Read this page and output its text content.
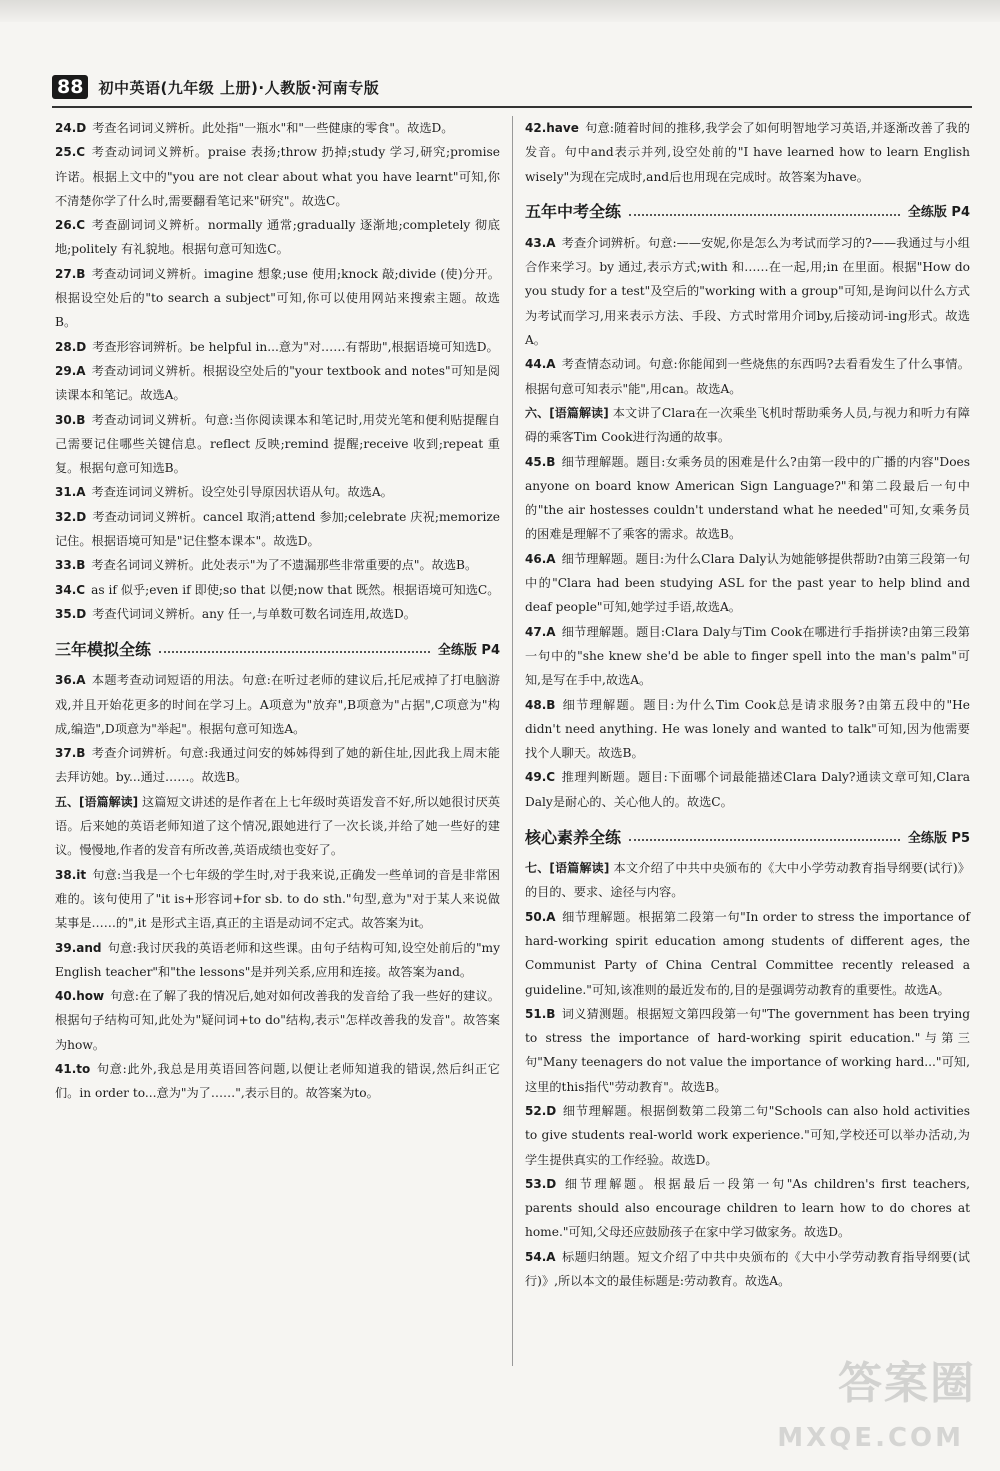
88	初中英语(九年级 上册)·人教版·河南专版

24.D 考查名词词义辨析。此处指"一瓶水"和"一些健康的零食"。故选D。

25.C 考查动词词义辨析。praise 表扬;throw 扔掉;study 学习,研究;promise 许诺。根据上文中的"you are not clear about what you have learnt"可知,你不清楚你学了什么时,需要翻看笔记来"研究"。故选C。

26.C 考查副词词义辨析。normally 通常;gradually 逐渐地;completely 彻底地;politely 有礼貌地。根据句意可知选C。

27.B 考查动词词义辨析。imagine 想象;use 使用;knock 敲;divide (使)分开。根据设空处后的"to search a subject"可知,你可以使用网站来搜索主题。故选B。

28.D 考查形容词辨析。be helpful in...意为"对……有帮助",根据语境可知选D。

29.A 考查动词词义辨析。根据设空处后的"your textbook and notes"可知是阅读课本和笔记。故选A。

30.B 考查动词词义辨析。句意:当你阅读课本和笔记时,用荧光笔和便利贴提醒自己需要记住哪些关键信息。reflect 反映;remind 提醒;receive 收到;repeat 重复。根据句意可知选B。

31.A 考查连词词义辨析。设空处引导原因状语从句。故选A。

32.D 考查动词词义辨析。cancel 取消;attend 参加;celebrate 庆祝;memorize 记住。根据语境可知是"记住整本课本"。故选D。

33.B 考查名词词义辨析。此处表示"为了不遗漏那些非常重要的点"。故选B。

34.C as if 似乎;even if 即使;so that 以便;now that 既然。根据语境可知选C。

35.D 考查代词词义辨析。any 任一,与单数可数名词连用,故选D。

三年模拟全练	全练版 P4

36.A 本题考查动词短语的用法。句意:在听过老师的建议后,托尼戒掉了打电脑游戏,并且开始花更多的时间在学习上。A项意为"放弃",B项意为"占据",C项意为"构成,编造",D项意为"举起"。根据句意可知选A。

37.B 考查介词辨析。句意:我通过问安的姊姊得到了她的新住址,因此我上周末能去拜访她。by...通过……。故选B。

五、[语篇解读] 这篇短文讲述的是作者在上七年级时英语发音不好,所以她很讨厌英语。后来她的英语老师知道了这个情况,跟她进行了一次长谈,并给了她一些好的建议。慢慢地,作者的发音有所改善,英语成绩也变好了。

38.it 句意:当我是一个七年级的学生时,对于我来说,正确发一些单词的音是非常困难的。该句使用了"it is+形容词+for sb. to do sth."句型,意为"对于某人来说做某事是……的",it 是形式主语,真正的主语是动词不定式。故答案为it。

39.and 句意:我讨厌我的英语老师和这些课。由句子结构可知,设空处前后的"my English teacher"和"the lessons"是并列关系,应用和连接。故答案为and。

40.how 句意:在了解了我的情况后,她对如何改善我的发音给了我一些好的建议。根据句子结构可知,此处为"疑问词+to do"结构,表示"怎样改善我的发音"。故答案为how。

41.to 句意:此外,我总是用英语回答问题,以便让老师知道我的错误,然后纠正它们。in order to...意为"为了……",表示目的。故答案为to。

42.have 句意:随着时间的推移,我学会了如何明智地学习英语,并逐渐改善了我的发音。句中and表示并列,设空处前的"I have learned how to learn English wisely"为现在完成时,and后也用现在完成时。故答案为have。

五年中考全练	全练版 P4

43.A 考查介词辨析。句意:——安妮,你是怎么为考试而学习的?——我通过与小组合作来学习。by 通过,表示方式;with 和……在一起,用;in 在里面。根据"How do you study for a test"及空后的"working with a group"可知,是询问以什么方式为考试而学习,用来表示方法、手段、方式时常用介词by,后接动词-ing形式。故选A。

44.A 考查情态动词。句意:你能闻到一些烧焦的东西吗?去看看发生了什么事情。根据句意可知表示"能",用can。故选A。

六、[语篇解读] 本文讲了Clara在一次乘坐飞机时帮助乘务人员,与视力和听力有障碍的乘客Tim Cook进行沟通的故事。

45.B 细节理解题。题目:女乘务员的困难是什么?由第一段中的广播的内容"Does anyone on board know American Sign Language?"和第二段最后一句中的"the air hostesses couldn't understand what he needed"可知,女乘务员的困难是理解不了乘客的需求。故选B。

46.A 细节理解题。题目:为什么Clara Daly认为她能够提供帮助?由第三段第一句中的"Clara had been studying ASL for the past year to help blind and deaf people"可知,她学过手语,故选A。

47.A 细节理解题。题目:Clara Daly与Tim Cook在哪进行手指拼读?由第三段第一句中的"she knew she'd be able to finger spell into the man's palm"可知,是写在手中,故选A。

48.B 细节理解题。题目:为什么Tim Cook总是请求服务?由第五段中的"He didn't need anything. He was lonely and wanted to talk"可知,因为他需要找个人聊天。故选B。

49.C 推理判断题。题目:下面哪个词最能描述Clara Daly?通读文章可知,Clara Daly是耐心的、关心他人的。故选C。

核心素养全练	全练版 P5

七、[语篇解读] 本文介绍了中共中央颁布的《大中小学劳动教育指导纲要(试行)》的目的、要求、途径与内容。

50.A 细节理解题。根据第二段第一句"In order to stress the importance of hard-working spirit education among students of different ages, the Communist Party of China Central Committee recently released a guideline."可知,该准则的最近发布的,目的是强调劳动教育的重要性。故选A。

51.B 词义猜测题。根据短文第四段第一句"The government has been trying to stress the importance of hard-working spirit education."与第三句"Many teenagers do not value the importance of working hard..."可知,这里的this指代"劳动教育"。故选B。

52.D 细节理解题。根据倒数第二段第二句"Schools can also hold activities to give students real-world work experience."可知,学校还可以举办活动,为学生提供真实的工作经验。故选D。

53.D 细节理解题。根据最后一段第一句"As children's first teachers, parents should also encourage children to learn how to do chores at home."可知,父母还应鼓励孩子在家中学习做家务。故选D。

54.A 标题归纳题。短文介绍了中共中央颁布的《大中小学劳动教育指导纲要(试行)》,所以本文的最佳标题是:劳动教育。故选A。

答案圈
MXQE.COM
